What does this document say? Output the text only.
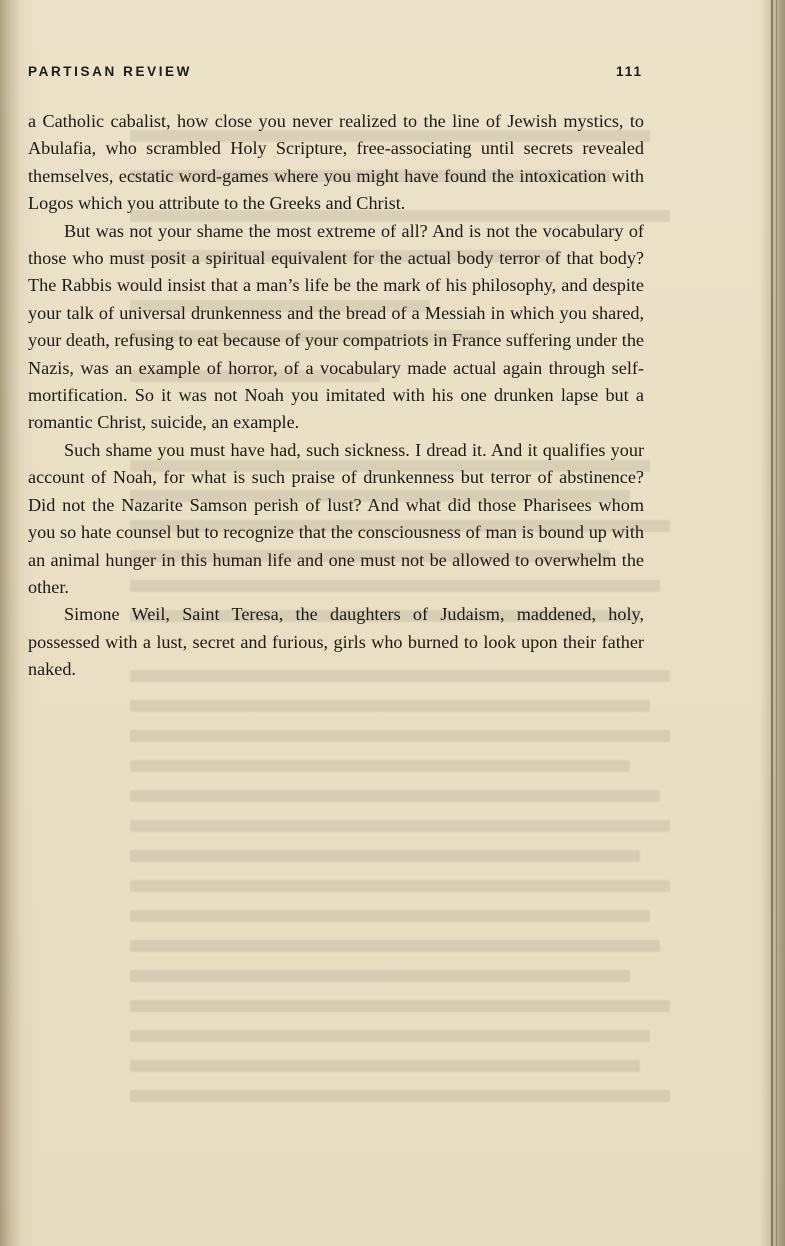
PARTISAN REVIEW	111

a Catholic cabalist, how close you never realized to the line of Jewish mystics, to Abulafia, who scrambled Holy Scripture, free-associating until secrets revealed themselves, ecstatic word-games where you might have found the intoxication with Logos which you attribute to the Greeks and Christ.

But was not your shame the most extreme of all? And is not the vocabulary of those who must posit a spiritual equivalent for the actual body terror of that body? The Rabbis would insist that a man’s life be the mark of his philosophy, and despite your talk of universal drunkenness and the bread of a Messiah in which you shared, your death, refusing to eat because of your compatriots in France suffering under the Nazis, was an example of horror, of a vocabulary made actual again through self-mortification. So it was not Noah you imitated with his one drunken lapse but a romantic Christ, suicide, an example.

Such shame you must have had, such sickness. I dread it. And it qualifies your account of Noah, for what is such praise of drunkenness but terror of abstinence? Did not the Nazarite Samson perish of lust? And what did those Pharisees whom you so hate counsel but to recognize that the consciousness of man is bound up with an animal hunger in this human life and one must not be allowed to overwhelm the other.

Simone Weil, Saint Teresa, the daughters of Judaism, maddened, holy, possessed with a lust, secret and furious, girls who burned to look upon their father naked.
